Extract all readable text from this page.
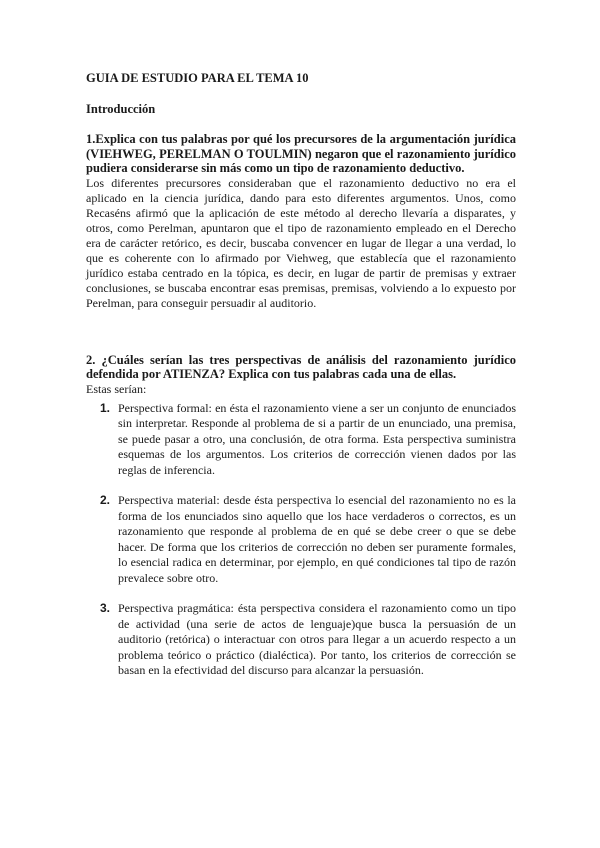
GUIA DE ESTUDIO PARA EL TEMA 10

Introducción

1.Explica con tus palabras por qué los precursores de la argumentación jurídica (VIEHWEG, PERELMAN O TOULMIN) negaron que el razonamiento jurídico pudiera considerarse sin más como un tipo de razonamiento deductivo.

Los diferentes precursores consideraban que el razonamiento deductivo no era el aplicado en la ciencia jurídica, dando para esto diferentes argumentos. Unos, como Recaséns afirmó que la aplicación de este método al derecho llevaría a disparates, y otros, como Perelman, apuntaron que el tipo de razonamiento empleado en el Derecho era de carácter retórico, es decir, buscaba convencer en lugar de llegar a una verdad, lo que es coherente con lo afirmado por Viehweg, que establecía que el razonamiento jurídico estaba centrado en la tópica, es decir, en lugar de partir de premisas y extraer conclusiones, se buscaba encontrar esas premisas, premisas, volviendo a lo expuesto por Perelman, para conseguir persuadir al auditorio.

2. ¿Cuáles serían las tres perspectivas de análisis del razonamiento jurídico defendida por ATIENZA? Explica con tus palabras cada una de ellas.

Estas serían:

1. Perspectiva formal: en ésta el razonamiento viene a ser un conjunto de enunciados sin interpretar. Responde al problema de si a partir de un enunciado, una premisa, se puede pasar a otro, una conclusión, de otra forma. Esta perspectiva suministra esquemas de los argumentos. Los criterios de corrección vienen dados por las reglas de inferencia.

2. Perspectiva material: desde ésta perspectiva lo esencial del razonamiento no es la forma de los enunciados sino aquello que los hace verdaderos o correctos, es un razonamiento que responde al problema de en qué se debe creer o que se debe hacer. De forma que los criterios de corrección no deben ser puramente formales, lo esencial radica en determinar, por ejemplo, en qué condiciones tal tipo de razón prevalece sobre otro.

3. Perspectiva pragmática: ésta perspectiva considera el razonamiento como un tipo de actividad (una serie de actos de lenguaje)que busca la persuasión de un auditorio (retórica) o interactuar con otros para llegar a un acuerdo respecto a un problema teórico o práctico (dialéctica). Por tanto, los criterios de corrección se basan en la efectividad del discurso para alcanzar la persuasión.
